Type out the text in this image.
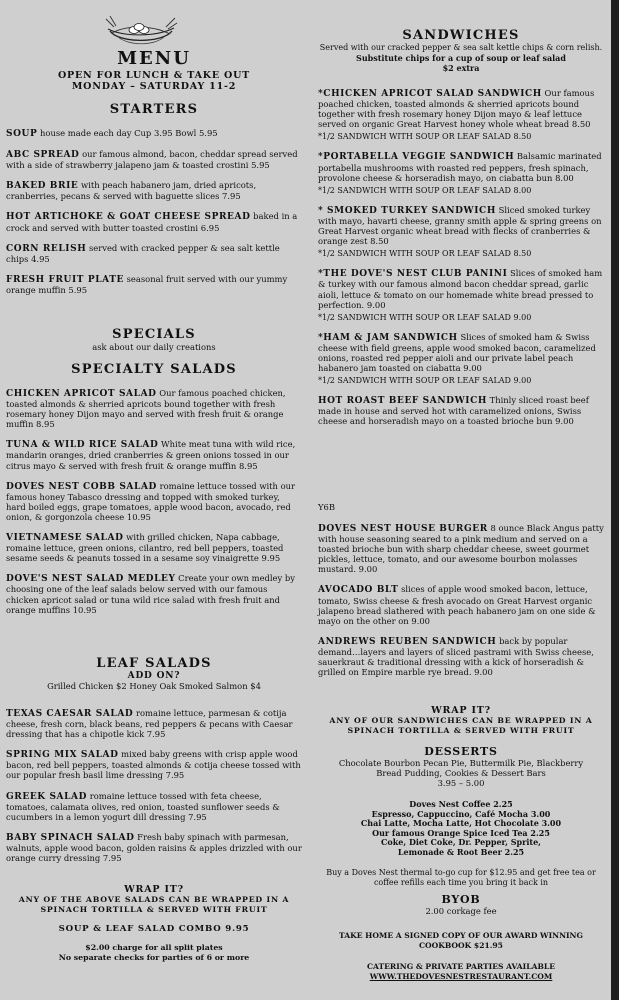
MENU
OPEN FOR LUNCH & TAKE OUT
MONDAY – SATURDAY 11-2
STARTERS

SOUP house made each day Cup 3.95 Bowl 5.95

ABC SPREAD our famous almond, bacon, cheddar spread served with a side of strawberry jalapeno jam & toasted crostini 5.95

BAKED BRIE with peach habanero jam, dried apricots, cranberries, pecans & served with baguette slices 7.95

HOT ARTICHOKE & GOAT CHEESE SPREAD baked in a crock and served with butter toasted crostini 6.95

CORN RELISH served with cracked pepper & sea salt kettle chips 4.95

FRESH FRUIT PLATE seasonal fruit served with our yummy orange muffin 5.95

SPECIALS
ask about our daily creations
SPECIALTY SALADS

CHICKEN APRICOT SALAD Our famous poached chicken, toasted almonds & sherried apricots bound together with fresh rosemary honey Dijon mayo and served with fresh fruit & orange muffin 8.95

TUNA & WILD RICE SALAD White meat tuna with wild rice, mandarin oranges, dried cranberries & green onions tossed in our citrus mayo & served with fresh fruit & orange muffin 8.95

DOVES NEST COBB SALAD romaine lettuce tossed with our famous honey Tabasco dressing and topped with smoked turkey, hard boiled eggs, grape tomatoes, apple wood bacon, avocado, red onion, & gorgonzola cheese 10.95

VIETNAMESE SALAD with grilled chicken, Napa cabbage, romaine lettuce, green onions, cilantro, red bell peppers, toasted sesame seeds & peanuts tossed in a sesame soy vinaigrette 9.95

DOVE'S NEST SALAD MEDLEY Create your own medley by choosing one of the leaf salads below served with our famous chicken apricot salad or tuna wild rice salad with fresh fruit and orange muffins 10.95

LEAF SALADS
ADD ON?
Grilled Chicken $2 Honey Oak Smoked Salmon $4

TEXAS CAESAR SALAD romaine lettuce, parmesan & cotija cheese, fresh corn, black beans, red peppers & pecans with Caesar dressing that has a chipotle kick 7.95

SPRING MIX SALAD mixed baby greens with crisp apple wood bacon, red bell peppers, toasted almonds & cotija cheese tossed with our popular fresh basil lime dressing 7.95

GREEK SALAD romaine lettuce tossed with feta cheese, tomatoes, calamata olives, red onion, toasted sunflower seeds & cucumbers in a lemon yogurt dill dressing 7.95

BABY SPINACH SALAD Fresh baby spinach with parmesan, walnuts, apple wood bacon, golden raisins & apples drizzled with our orange curry dressing 7.95

WRAP IT?
ANY OF THE ABOVE SALADS CAN BE WRAPPED IN A SPINACH TORTILLA & SERVED WITH FRUIT
SOUP & LEAF SALAD COMBO 9.95
$2.00 charge for all split plates
No separate checks for parties of 6 or more
SANDWICHES
Served with our cracked pepper & sea salt kettle chips & corn relish.
Substitute chips for a cup of soup or leaf salad
$2 extra

*CHICKEN APRICOT SALAD SANDWICH Our famous poached chicken, toasted almonds & sherried apricots bound together with fresh rosemary honey Dijon mayo & leaf lettuce served on organic Great Harvest honey whole wheat bread 8.50

*1/2 SANDWICH WITH SOUP OR LEAF SALAD 8.50

*PORTABELLA VEGGIE SANDWICH Balsamic marinated portabella mushrooms with roasted red peppers, fresh spinach, provolone cheese & horseradish mayo, on ciabatta bun 8.00

*1/2 SANDWICH WITH SOUP OR LEAF SALAD 8.00

* SMOKED TURKEY SANDWICH Sliced smoked turkey with mayo, havarti cheese, granny smith apple & spring greens on Great Harvest organic wheat bread with flecks of cranberries & orange zest 8.50

*1/2 SANDWICH WITH SOUP OR LEAF SALAD 8.50

*THE DOVE'S NEST CLUB PANINI Slices of smoked ham & turkey with our famous almond bacon cheddar spread, garlic aioli, lettuce & tomato on our homemade white bread pressed to perfection. 9.00

*1/2 SANDWICH WITH SOUP OR LEAF SALAD 9.00

*HAM & JAM SANDWICH Slices of smoked ham & Swiss cheese with field greens, apple wood smoked bacon, caramelized onions, roasted red pepper aioli and our private label peach habanero jam toasted on ciabatta 9.00

*1/2 SANDWICH WITH SOUP OR LEAF SALAD 9.00

HOT ROAST BEEF SANDWICH Thinly sliced roast beef made in house and served hot with caramelized onions, Swiss cheese and horseradish mayo on a toasted brioche bun 9.00

Y6B

DOVES NEST HOUSE BURGER 8 ounce Black Angus patty with house seasoning seared to a pink medium and served on a toasted brioche bun with sharp cheddar cheese, sweet gourmet pickles, lettuce, tomato, and our awesome bourbon molasses mustard. 9.00

AVOCADO BLT slices of apple wood smoked bacon, lettuce, tomato, Swiss cheese & fresh avocado on Great Harvest organic jalapeno bread slathered with peach habanero jam on one side & mayo on the other on 9.00

ANDREWS REUBEN SANDWICH back by popular demand…layers and layers of sliced pastrami with Swiss cheese, sauerkraut & traditional dressing with a kick of horseradish & grilled on Empire marble rye bread. 9.00

WRAP IT?
ANY OF OUR SANDWICHES CAN BE WRAPPED IN A SPINACH TORTILLA & SERVED WITH FRUIT
DESSERTS
Chocolate Bourbon Pecan Pie, Buttermilk Pie, Blackberry
Bread Pudding, Cookies & Dessert Bars
3.95 – 5.00
Doves Nest Coffee 2.25
Espresso, Cappuccino, Café Mocha 3.00
Chai Latte, Mocha Latte, Hot Chocolate 3.00
Our famous Orange Spice Iced Tea 2.25
Coke, Diet Coke, Dr. Pepper, Sprite,
Lemonade & Root Beer 2.25
Buy a Doves Nest thermal to-go cup for $12.95 and get free tea or coffee refills each time you bring it back in
BYOB
2.00 corkage fee
TAKE HOME A SIGNED COPY OF OUR AWARD WINNING COOKBOOK $21.95
CATERING & PRIVATE PARTIES AVAILABLE
WWW.THEDOVESNESTRESTAURANT.COM
